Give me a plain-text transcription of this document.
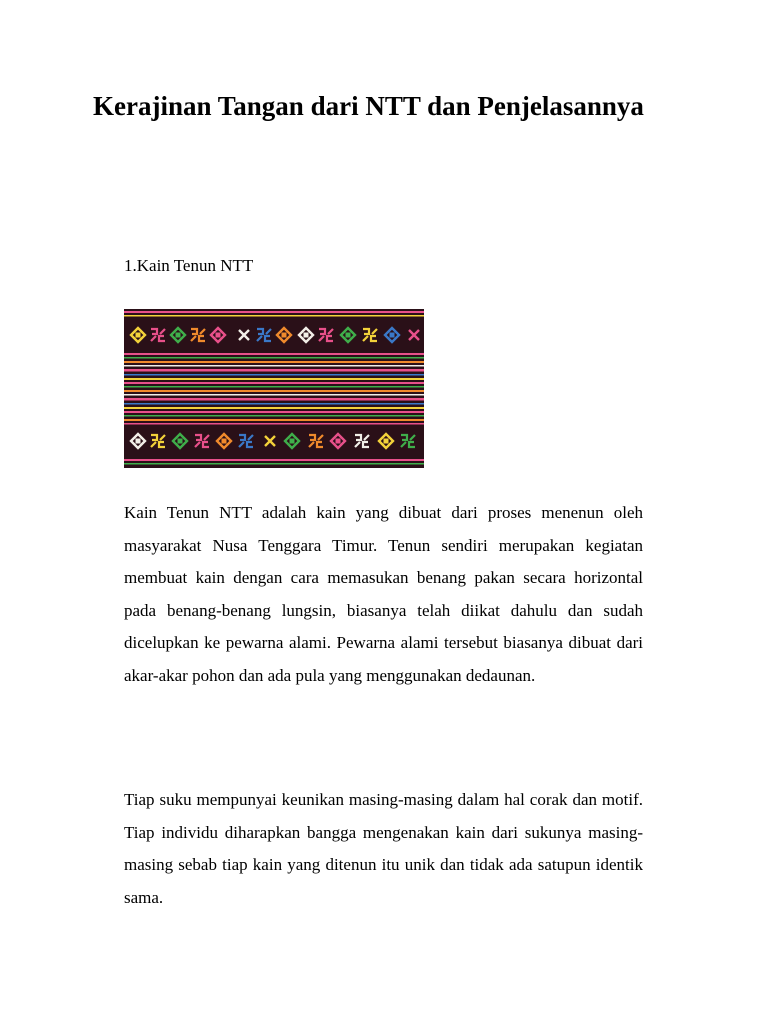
Kerajinan Tangan dari NTT dan Penjelasannya

1.Kain Tenun NTT

Kain Tenun NTT adalah kain yang dibuat dari proses menenun oleh masyarakat Nusa Tenggara Timur. Tenun sendiri merupakan kegiatan membuat kain dengan cara memasukan benang pakan secara horizontal pada benang-benang lungsin, biasanya telah diikat dahulu dan sudah dicelupkan ke pewarna alami. Pewarna alami tersebut biasanya dibuat dari akar-akar pohon dan ada pula yang menggunakan dedaunan.

Tiap suku mempunyai keunikan masing-masing dalam hal corak dan motif. Tiap individu diharapkan bangga mengenakan kain dari sukunya masing-masing sebab tiap kain yang ditenun itu unik dan tidak ada satupun identik sama.
